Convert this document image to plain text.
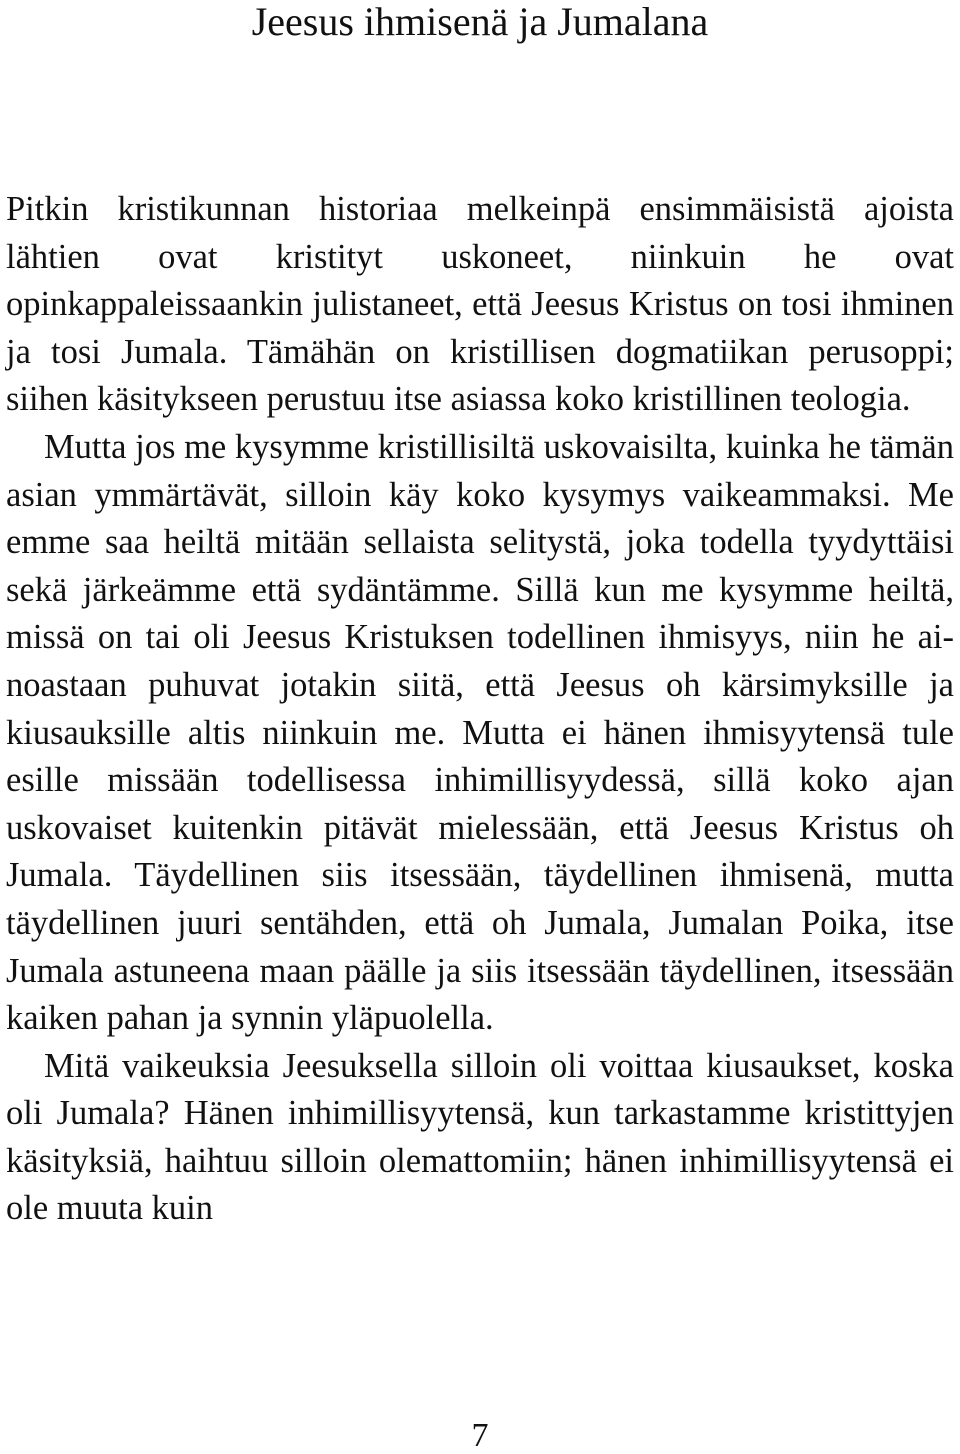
Jeesus ihmisenä ja Jumalana

Pitkin kristikunnan historiaa melkeinpä ensimmäisistä ajoista lähtien ovat kristityt uskoneet, niinkuin he ovat opinkappaleissaankin julistaneet, että Jeesus Kristus on tosi ihminen ja tosi Jumala. Tämähän on kristillisen dogmatiikan perusoppi; siihen käsitykseen perustuu itse asiassa koko kristillinen teologia.

Mutta jos me kysymme kristillisiltä uskovaisilta, kuinka he tämän asian ymmärtävät, silloin käy koko kysymys vaikeammaksi. Me emme saa heiltä mitään sellaista selitystä, joka todella tyydyttäisi sekä järkeämme että sydäntämme. Sillä kun me kysymme heiltä, missä on tai oli Jeesus Kristuksen todellinen ihmisyys, niin he ainoastaan puhuvat jotakin siitä, että Jeesus oh kärsimyksille ja kiusauksille altis niinkuin me. Mutta ei hänen ihmisyytensä tule esille missään todellisessa inhimillisyydessä, sillä koko ajan uskovaiset kuitenkin pitävät mielessään, että Jeesus Kristus oh Jumala. Täydellinen siis itsessään, täydellinen ihmisenä, mutta täydellinen juuri sentähden, että oh Jumala, Jumalan Poika, itse Jumala astuneena maan päälle ja siis itsessään täydellinen, itsessään kaiken pahan ja synnin yläpuolella.

Mitä vaikeuksia Jeesuksella silloin oli voittaa kiusaukset, koska oli Jumala? Hänen inhimillisyytensä, kun tarkastamme kristittyjen käsityksiä, haihtuu silloin olemattomiin; hänen inhimillisyytensä ei ole muuta kuin

7
